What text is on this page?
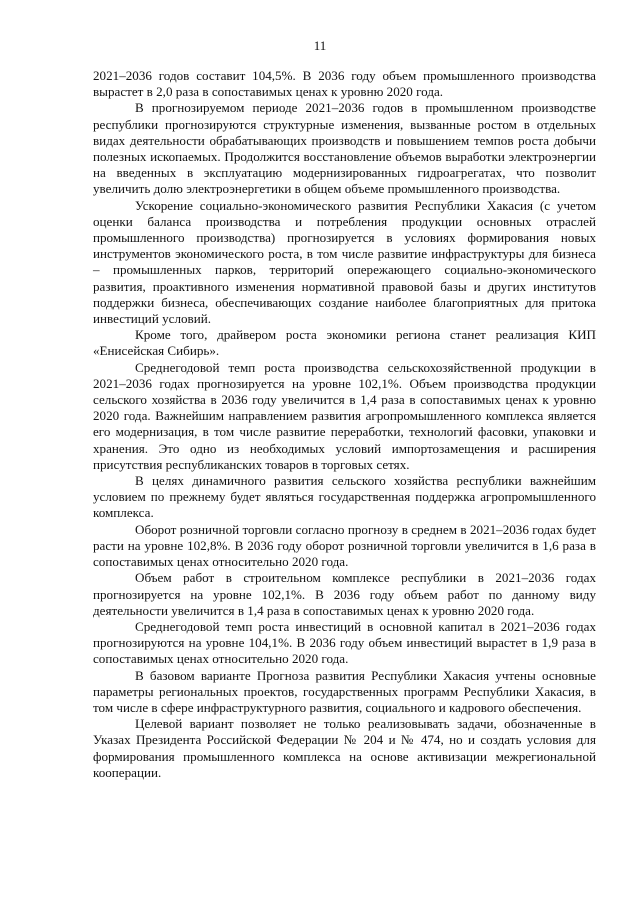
11

2021–2036 годов составит 104,5%. В 2036 году объем промышленного производства вырастет в 2,0 раза в сопоставимых ценах к уровню 2020 года.

В прогнозируемом периоде 2021–2036 годов в промышленном производстве республики прогнозируются структурные изменения, вызванные ростом в отдельных видах деятельности обрабатывающих производств и повышением темпов роста добычи полезных ископаемых. Продолжится восстановление объемов выработки электроэнергии на введенных в эксплуатацию модернизированных гидроагрегатах, что позволит увеличить долю электроэнергетики в общем объеме промышленного производства.

Ускорение социально-экономического развития Республики Хакасия (с учетом оценки баланса производства и потребления продукции основных отраслей промышленного производства) прогнозируется в условиях формирования новых инструментов экономического роста, в том числе развитие инфраструктуры для бизнеса – промышленных парков, территорий опережающего социально-экономического развития, проактивного изменения нормативной правовой базы и других институтов поддержки бизнеса, обеспечивающих создание наиболее благоприятных для притока инвестиций условий.

Кроме того, драйвером роста экономики региона станет реализация КИП «Енисейская Сибирь».

Среднегодовой темп роста производства сельскохозяйственной продукции в 2021–2036 годах прогнозируется на уровне 102,1%. Объем производства продукции сельского хозяйства в 2036 году увеличится в 1,4 раза в сопоставимых ценах к уровню 2020 года. Важнейшим направлением развития агропромышленного комплекса является его модернизация, в том числе развитие переработки, технологий фасовки, упаковки и хранения. Это одно из необходимых условий импортозамещения и расширения присутствия республиканских товаров в торговых сетях.

В целях динамичного развития сельского хозяйства республики важнейшим условием по прежнему будет являться государственная поддержка агропромышленного комплекса.

Оборот розничной торговли согласно прогнозу в среднем в 2021–2036 годах будет расти на уровне 102,8%. В 2036 году оборот розничной торговли увеличится в 1,6 раза в сопоставимых ценах относительно 2020 года.

Объем работ в строительном комплексе республики в 2021–2036 годах прогнозируется на уровне 102,1%. В 2036 году объем работ по данному виду деятельности увеличится в 1,4 раза в сопоставимых ценах к уровню 2020 года.

Среднегодовой темп роста инвестиций в основной капитал в 2021–2036 годах прогнозируются на уровне 104,1%. В 2036 году объем инвестиций вырастет в 1,9 раза в сопоставимых ценах относительно 2020 года.

В базовом варианте Прогноза развития Республики Хакасия учтены основные параметры региональных проектов, государственных программ Республики Хакасия, в том числе в сфере инфраструктурного развития, социального и кадрового обеспечения.

Целевой вариант позволяет не только реализовывать задачи, обозначенные в Указах Президента Российской Федерации № 204 и № 474, но и создать условия для формирования промышленного комплекса на основе активизации межрегиональной кооперации.
